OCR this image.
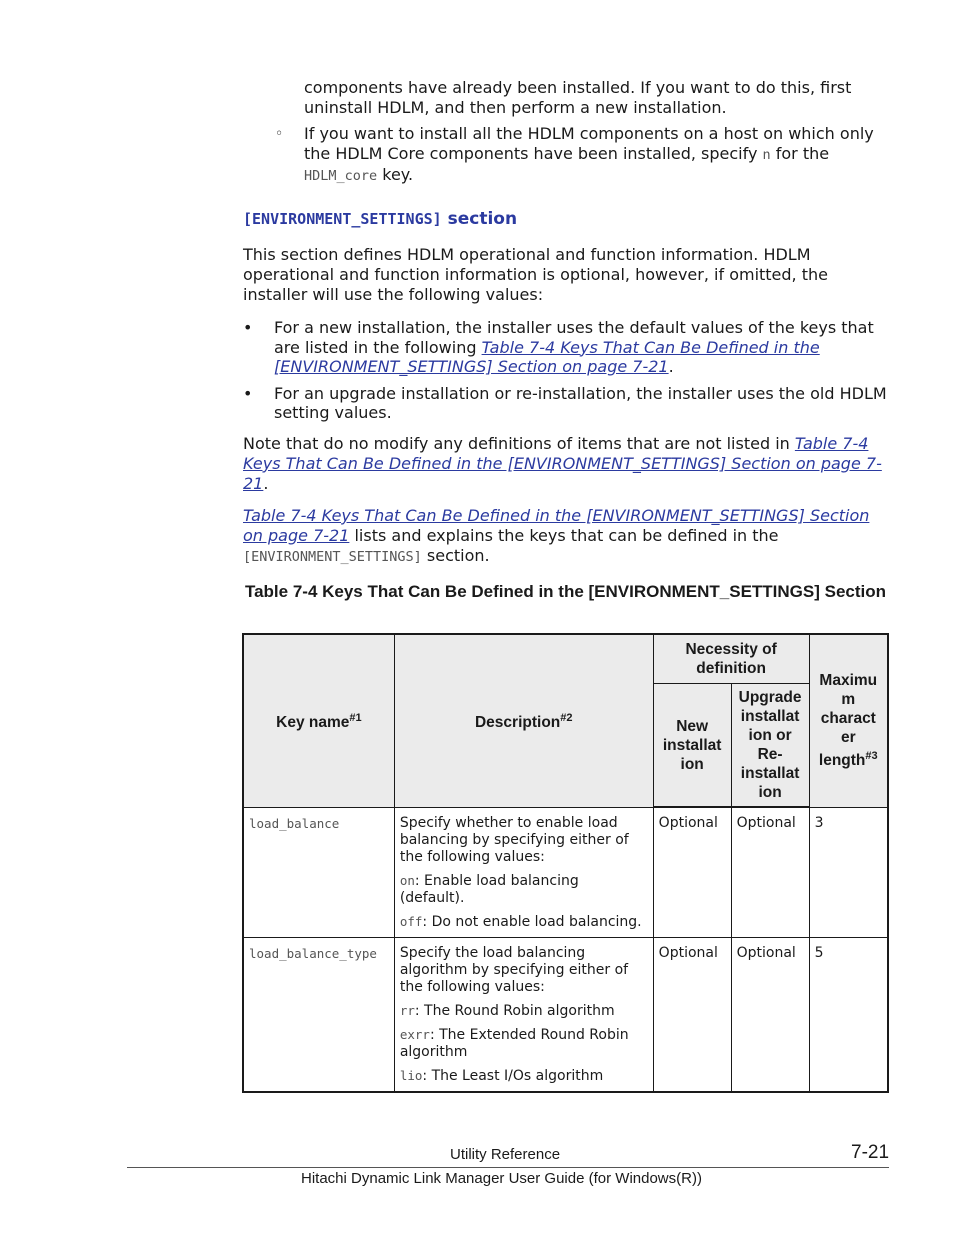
components have already been installed. If you want to do this, first uninstall HDLM, and then perform a new installation.

◦ If you want to install all the HDLM components on a host on which only the HDLM Core components have been installed, specify n for the
HDLM_core key.

[ENVIRONMENT_SETTINGS] section
This section defines HDLM operational and function information. HDLM operational and function information is optional, however, if omitted, the installer will use the following values:
• For a new installation, the installer uses the default values of the keys that are listed in the following Table 7-4 Keys That Can Be Defined in the [ENVIRONMENT_SETTINGS] Section on page 7-21.
• For an upgrade installation or re-installation, the installer uses the old HDLM setting values.
Note that do no modify any definitions of items that are not listed in Table 7-4 Keys That Can Be Defined in the [ENVIRONMENT_SETTINGS] Section on page 7-21.
Table 7-4 Keys That Can Be Defined in the [ENVIRONMENT_SETTINGS] Section on page 7-21 lists and explains the keys that can be defined in the [ENVIRONMENT_SETTINGS] section.
Table 7-4 Keys That Can Be Defined in the [ENVIRONMENT_SETTINGS] Section
Key name$^{\#1}$	Description$^{\#2}$	Necessity of definition		Maximu m charact er length$^{\#3}$
		New installat ion	Upgrade installat ion or Re-installat ion	
load_balance	Specify whether to enable load balancing by specifying either of the following values:

on: Enable load balancing (default).

off: Do not enable load balancing.	Optional	Optional	3
load_balance_type	Specify the load balancing algorithm by specifying either of the following values:

rr: The Round Robin algorithm

exrr: The Extended Round Robin algorithm

lio: The Least I/Os algorithm	Optional	Optional	5
Utility Reference	7-21
Hitachi Dynamic Link Manager User Guide (for Windows(R))
